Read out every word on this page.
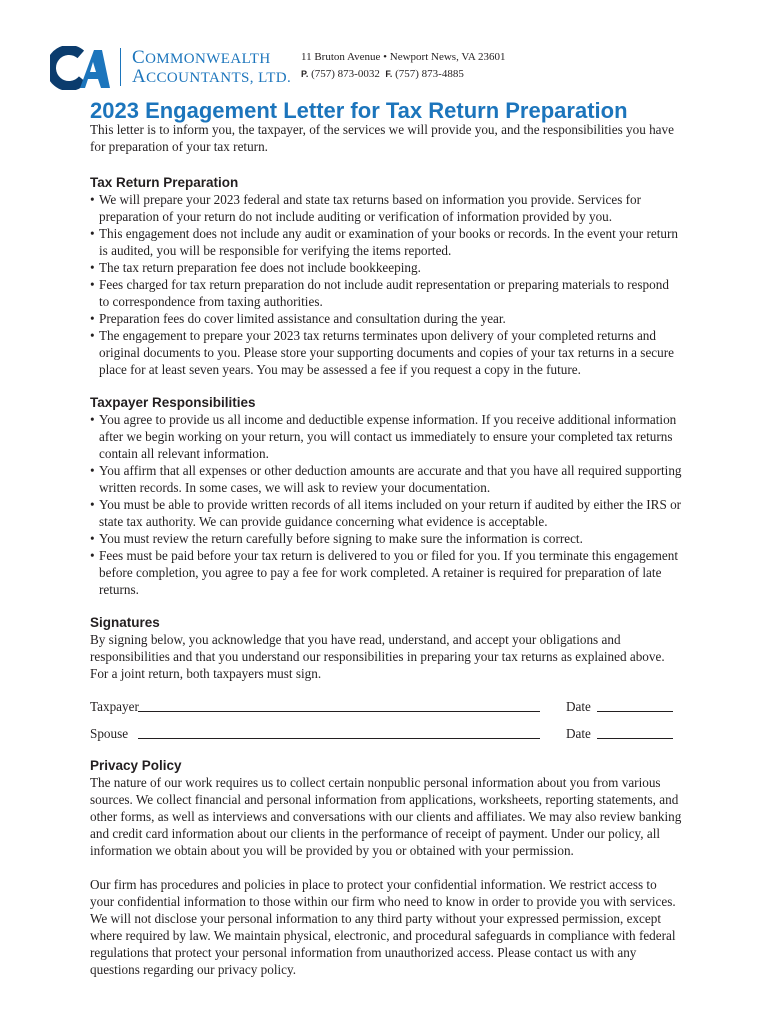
COMMONWEALTH
ACCOUNTANTS, LTD.
11 Bruton Avenue • Newport News, VA 23601
P. (757) 873-0032 F. (757) 873-4885
2023 Engagement Letter for Tax Return Preparation

This letter is to inform you, the taxpayer, of the services we will provide you, and the responsibilities you have for preparation of your tax return.

Tax Return Preparation
• We will prepare your 2023 federal and state tax returns based on information you provide. Services for preparation of your return do not include auditing or verification of information provided by you.
• This engagement does not include any audit or examination of your books or records. In the event your return is audited, you will be responsible for verifying the items reported.
• The tax return preparation fee does not include bookkeeping.
• Fees charged for tax return preparation do not include audit representation or preparing materials to respond to correspondence from taxing authorities.
• Preparation fees do cover limited assistance and consultation during the year.
• The engagement to prepare your 2023 tax returns terminates upon delivery of your completed returns and original documents to you. Please store your supporting documents and copies of your tax returns in a secure place for at least seven years. You may be assessed a fee if you request a copy in the future.
Taxpayer Responsibilities
• You agree to provide us all income and deductible expense information. If you receive additional information after we begin working on your return, you will contact us immediately to ensure your completed tax returns contain all relevant information.
• You affirm that all expenses or other deduction amounts are accurate and that you have all required supporting written records. In some cases, we will ask to review your documentation.
• You must be able to provide written records of all items included on your return if audited by either the IRS or state tax authority. We can provide guidance concerning what evidence is acceptable.
• You must review the return carefully before signing to make sure the information is correct.
• Fees must be paid before your tax return is delivered to you or filed for you. If you terminate this engagement before completion, you agree to pay a fee for work completed. A retainer is required for preparation of late returns.
Signatures

By signing below, you acknowledge that you have read, understand, and accept your obligations and responsibilities and that you understand our responsibilities in preparing your tax returns as explained above. For a joint return, both taxpayers must sign.

Taxpayer	Date
Spouse	Date
Privacy Policy

The nature of our work requires us to collect certain nonpublic personal information about you from various sources. We collect financial and personal information from applications, worksheets, reporting statements, and other forms, as well as interviews and conversations with our clients and affiliates. We may also review banking and credit card information about our clients in the performance of receipt of payment. Under our policy, all information we obtain about you will be provided by you or obtained with your permission.

Our firm has procedures and policies in place to protect your confidential information. We restrict access to your confidential information to those within our firm who need to know in order to provide you with services. We will not disclose your personal information to any third party without your expressed permission, except where required by law. We maintain physical, electronic, and procedural safeguards in compliance with federal regulations that protect your personal information from unauthorized access. Please contact us with any questions regarding our privacy policy.
